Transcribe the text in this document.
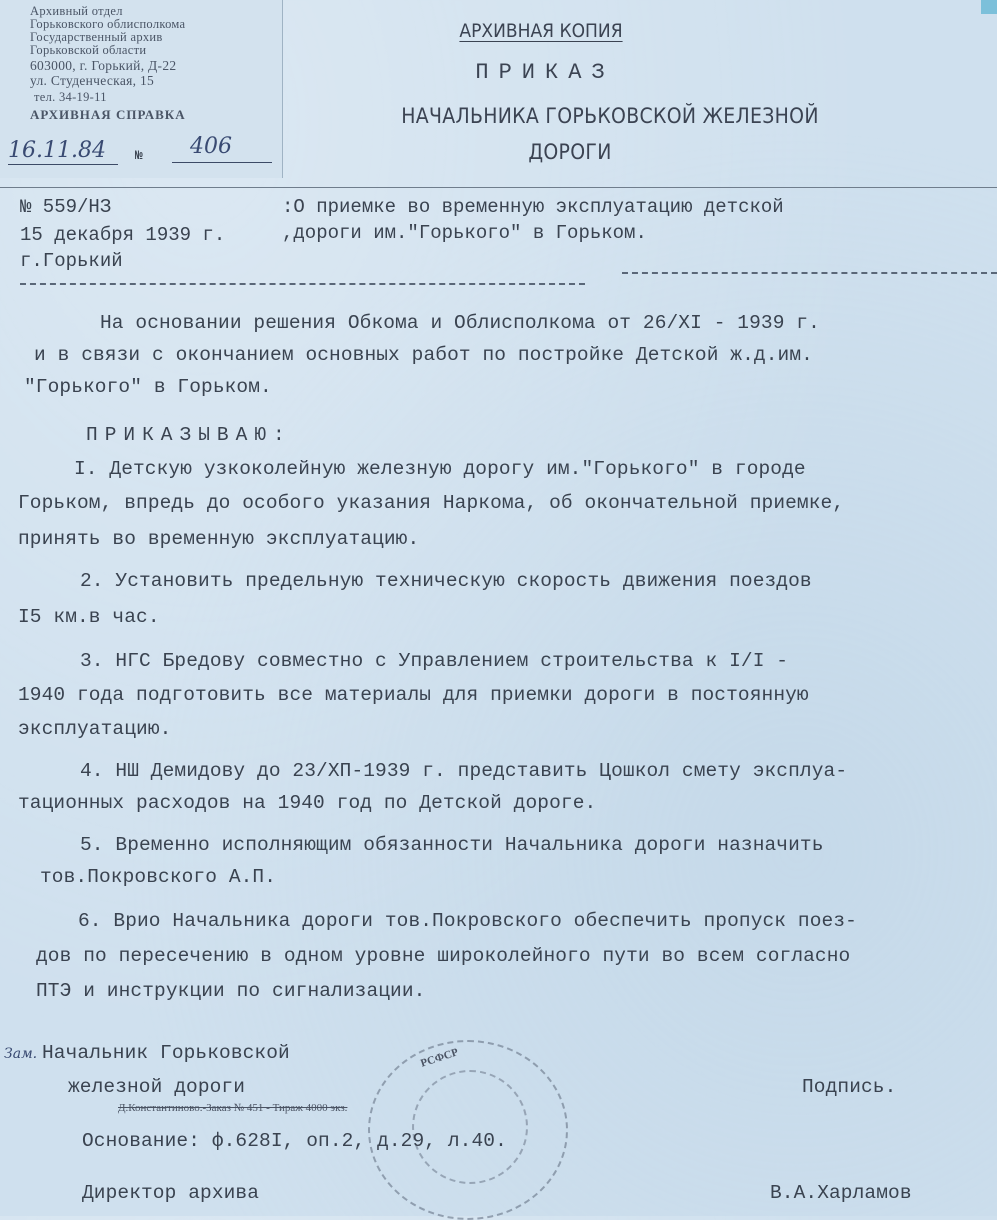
Архивный отдел
Горьковского облисполкома
Государственный архив
Горьковской области
603000, г. Горький, Д-22
ул. Студенческая, 15
тел. 34-19-11
АРХИВНАЯ СПРАВКА
16.11.84 № 406
АРХИВНАЯ КОПИЯ
ПРИКАЗ
НАЧАЛЬНИКА ГОРЬКОВСКОЙ ЖЕЛЕЗНОЙ
ДОРОГИ
№ 559/НЗ
15 декабря 1939 г.
г.Горький
:О приемке во временную эксплуатацию детской
,дороги им."Горького" в Горьком.
На основании решения Обкома и Облисполкома от 26/XI - 1939 г.
и в связи с окончанием основных работ по постройке Детской ж.д.им.
"Горького" в Горьком.
ПРИКАЗЫВАЮ:
I. Детскую узкоколейную железную дорогу им."Горького" в городе
Горьком, впредь до особого указания Наркома, об окончательной приемке,
принять во временную эксплуатацию.
2. Установить предельную техническую скорость движения поездов
I5 км.в час.
3. НГС Бредову совместно с Управлением строительства к I/I -
1940 года подготовить все материалы для приемки дороги в постоянную
эксплуатацию.
4. НШ Демидову до 23/ХП-1939 г. представить Цошкол смету эксплуа-
тационных расходов на 1940 год по Детской дороге.
5. Временно исполняющим обязанности Начальника дороги назначить
тов.Покровского А.П.
6. Врио Начальника дороги тов.Покровского обеспечить пропуск поез-
дов по пересечению в одном уровне широколейного пути во всем согласно
ПТЭ и инструкции по сигнализации.
РСФСР
Зам. Начальник Горьковской
железной дороги	Подпись.
Д.Константиново.-Заказ № 451 - Тираж 4000 экз.
Основание: ф.628I, оп.2, д.29, л.40.
Директор архива	В.А.Харламов
